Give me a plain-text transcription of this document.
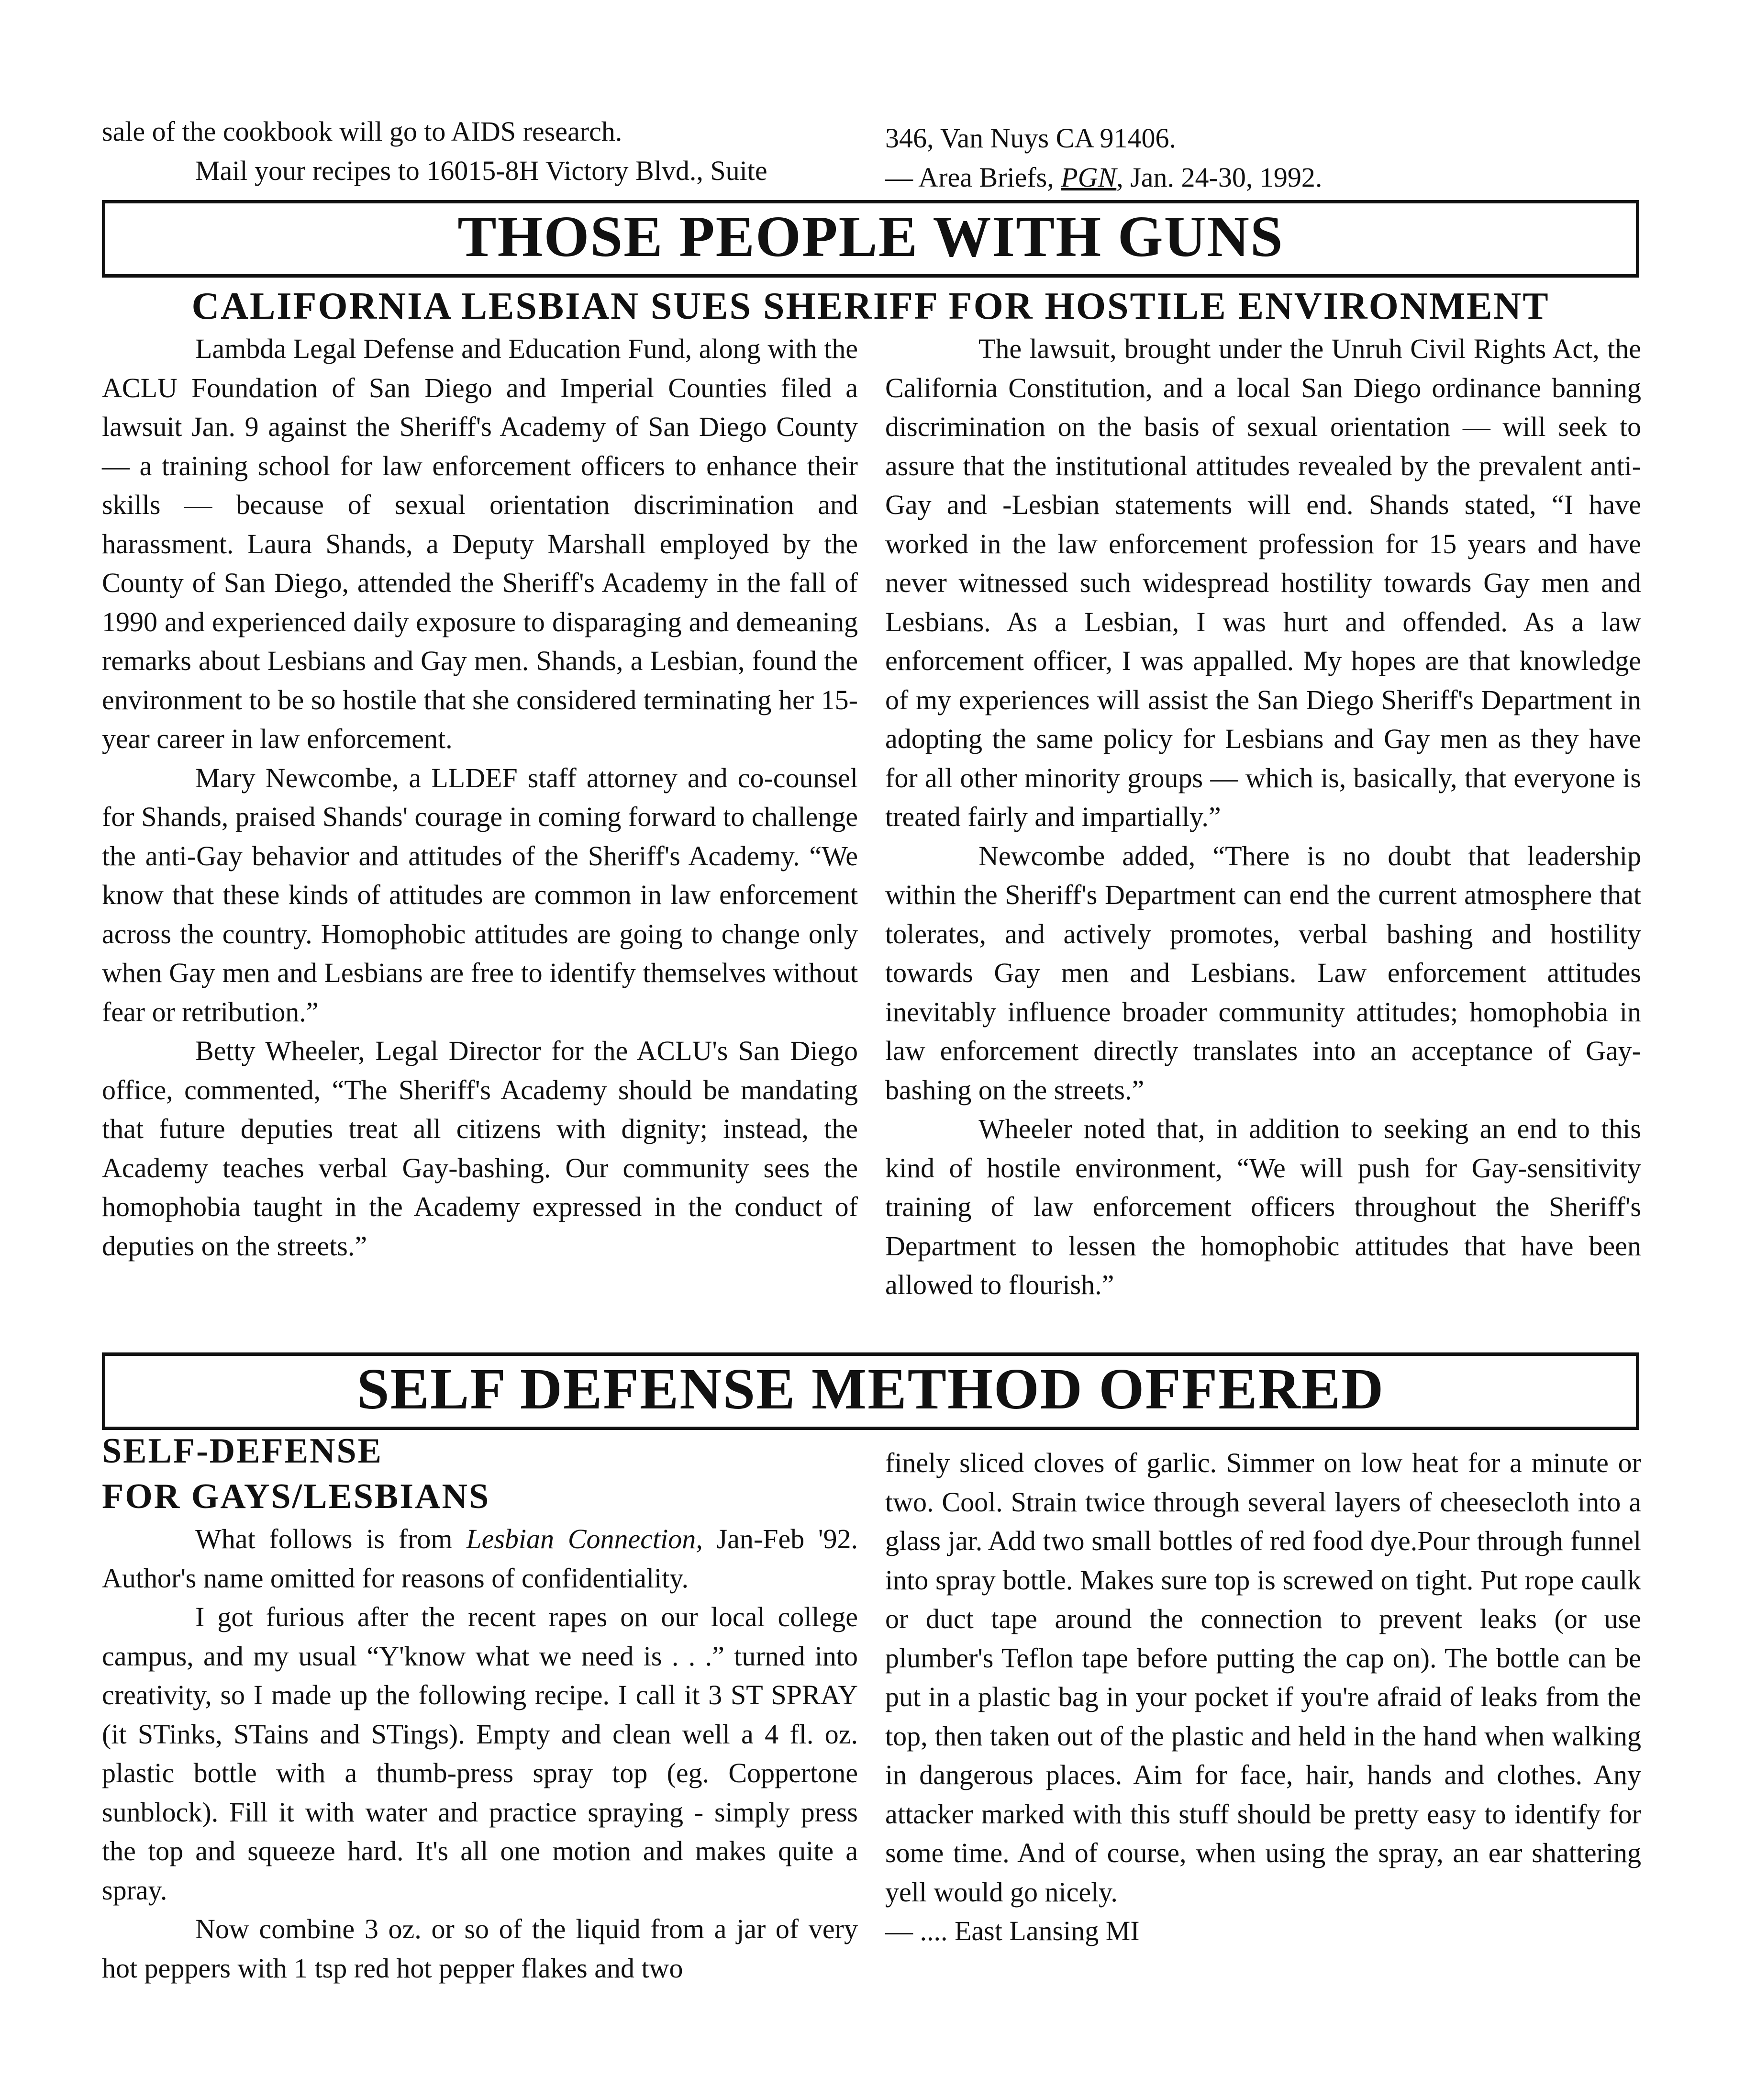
sale of the cookbook will go to AIDS research.

Mail your recipes to 16015-8H Victory Blvd., Suite

346, Van Nuys CA 91406.

— Area Briefs, PGN, Jan. 24-30, 1992.

THOSE PEOPLE WITH GUNS
CALIFORNIA LESBIAN SUES SHERIFF FOR HOSTILE ENVIRONMENT

Lambda Legal Defense and Education Fund, along with the ACLU Foundation of San Diego and Imperial Counties filed a lawsuit Jan. 9 against the Sheriff's Academy of San Diego County — a training school for law enforcement officers to enhance their skills — because of sexual orientation discrimination and harassment. Laura Shands, a Deputy Marshall employed by the County of San Diego, attended the Sheriff's Academy in the fall of 1990 and experienced daily exposure to disparaging and demeaning remarks about Lesbians and Gay men. Shands, a Lesbian, found the environment to be so hostile that she considered terminating her 15-year career in law enforcement.

Mary Newcombe, a LLDEF staff attorney and co-counsel for Shands, praised Shands' courage in coming forward to challenge the anti-Gay behavior and attitudes of the Sheriff's Academy. “We know that these kinds of attitudes are common in law enforcement across the country. Homophobic attitudes are going to change only when Gay men and Lesbians are free to identify themselves without fear or retribution.”

Betty Wheeler, Legal Director for the ACLU's San Diego office, commented, “The Sheriff's Academy should be mandating that future deputies treat all citizens with dignity; instead, the Academy teaches verbal Gay-bashing. Our community sees the homophobia taught in the Academy expressed in the conduct of deputies on the streets.”

The lawsuit, brought under the Unruh Civil Rights Act, the California Constitution, and a local San Diego ordinance banning discrimination on the basis of sexual orientation — will seek to assure that the institutional attitudes revealed by the prevalent anti-Gay and -Lesbian statements will end. Shands stated, “I have worked in the law enforcement profession for 15 years and have never witnessed such widespread hostility towards Gay men and Lesbians. As a Lesbian, I was hurt and offended. As a law enforcement officer, I was appalled. My hopes are that knowledge of my experiences will assist the San Diego Sheriff's Department in adopting the same policy for Lesbians and Gay men as they have for all other minority groups — which is, basically, that everyone is treated fairly and impartially.”

Newcombe added, “There is no doubt that leadership within the Sheriff's Department can end the current atmosphere that tolerates, and actively promotes, verbal bashing and hostility towards Gay men and Lesbians. Law enforcement attitudes inevitably influence broader community attitudes; homophobia in law enforcement directly translates into an acceptance of Gay-bashing on the streets.”

Wheeler noted that, in addition to seeking an end to this kind of hostile environment, “We will push for Gay-sensitivity training of law enforcement officers throughout the Sheriff's Department to lessen the homophobic attitudes that have been allowed to flourish.”

SELF DEFENSE METHOD OFFERED
SELF-DEFENSE
FOR GAYS/LESBIANS

What follows is from Lesbian Connection, Jan-Feb '92. Author's name omitted for reasons of confidentiality.

I got furious after the recent rapes on our local college campus, and my usual “Y'know what we need is . . .” turned into creativity, so I made up the following recipe. I call it 3 ST SPRAY (it STinks, STains and STings). Empty and clean well a 4 fl. oz. plastic bottle with a thumb-press spray top (eg. Coppertone sunblock). Fill it with water and practice spraying - simply press the top and squeeze hard. It's all one motion and makes quite a spray.

Now combine 3 oz. or so of the liquid from a jar of very hot peppers with 1 tsp red hot pepper flakes and two

finely sliced cloves of garlic. Simmer on low heat for a minute or two. Cool. Strain twice through several layers of cheesecloth into a glass jar. Add two small bottles of red food dye.Pour through funnel into spray bottle. Makes sure top is screwed on tight. Put rope caulk or duct tape around the connection to prevent leaks (or use plumber's Teflon tape before putting the cap on). The bottle can be put in a plastic bag in your pocket if you're afraid of leaks from the top, then taken out of the plastic and held in the hand when walking in dangerous places. Aim for face, hair, hands and clothes. Any attacker marked with this stuff should be pretty easy to identify for some time. And of course, when using the spray, an ear shattering yell would go nicely.

— .... East Lansing MI
